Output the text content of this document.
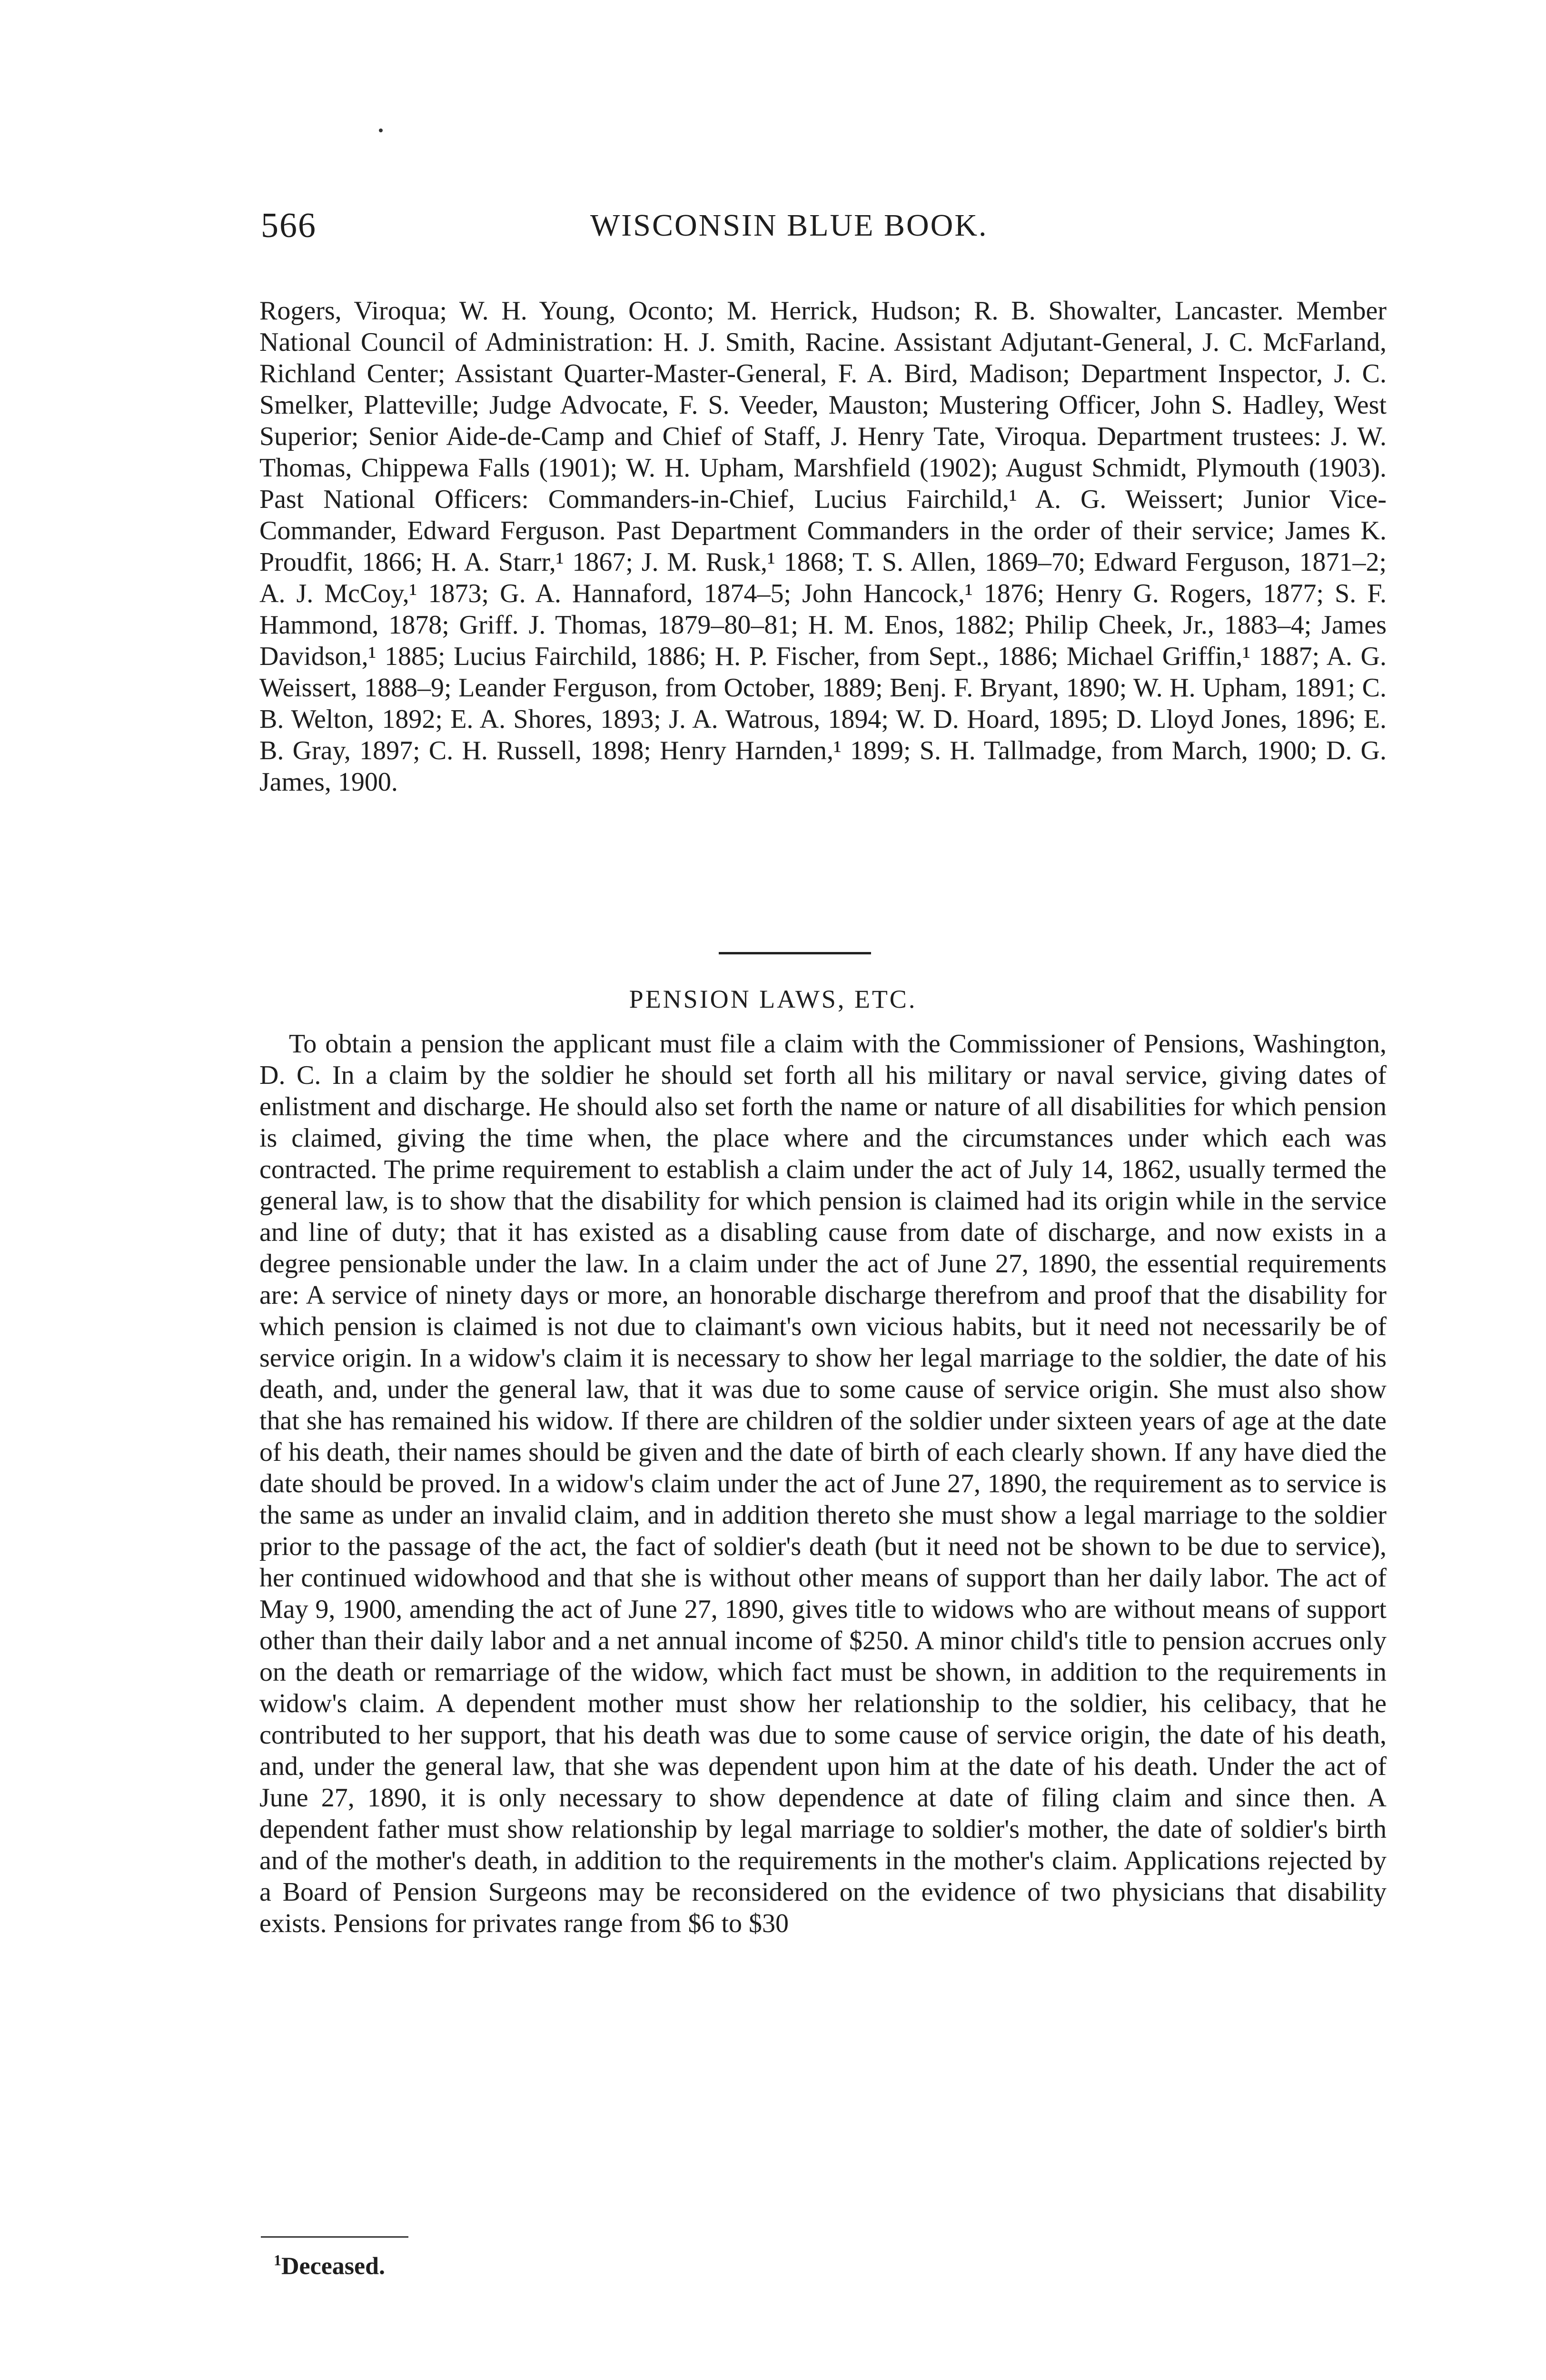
566	WISCONSIN BLUE BOOK.

Rogers, Viroqua; W. H. Young, Oconto; M. Herrick, Hudson; R. B. Showalter, Lancaster. Member National Council of Administration: H. J. Smith, Racine. Assistant Adjutant-General, J. C. McFarland, Richland Center; Assistant Quarter-Master-General, F. A. Bird, Madison; Department Inspector, J. C. Smelker, Platteville; Judge Advocate, F. S. Veeder, Mauston; Mustering Officer, John S. Hadley, West Superior; Senior Aide-de-Camp and Chief of Staff, J. Henry Tate, Viroqua. Department trustees: J. W. Thomas, Chippewa Falls (1901); W. H. Upham, Marshfield (1902); August Schmidt, Plymouth (1903). Past National Officers: Commanders-in-Chief, Lucius Fairchild,¹ A. G. Weissert; Junior Vice-Commander, Edward Ferguson. Past Department Commanders in the order of their service; James K. Proudfit, 1866; H. A. Starr,¹ 1867; J. M. Rusk,¹ 1868; T. S. Allen, 1869–70; Edward Ferguson, 1871–2; A. J. McCoy,¹ 1873; G. A. Hannaford, 1874–5; John Hancock,¹ 1876; Henry G. Rogers, 1877; S. F. Hammond, 1878; Griff. J. Thomas, 1879–80–81; H. M. Enos, 1882; Philip Cheek, Jr., 1883–4; James Davidson,¹ 1885; Lucius Fairchild, 1886; H. P. Fischer, from Sept., 1886; Michael Griffin,¹ 1887; A. G. Weissert, 1888–9; Leander Ferguson, from October, 1889; Benj. F. Bryant, 1890; W. H. Upham, 1891; C. B. Welton, 1892; E. A. Shores, 1893; J. A. Watrous, 1894; W. D. Hoard, 1895; D. Lloyd Jones, 1896; E. B. Gray, 1897; C. H. Russell, 1898; Henry Harnden,¹ 1899; S. H. Tallmadge, from March, 1900; D. G. James, 1900.

PENSION LAWS, ETC.

To obtain a pension the applicant must file a claim with the Commissioner of Pensions, Washington, D. C. In a claim by the soldier he should set forth all his military or naval service, giving dates of enlistment and discharge. He should also set forth the name or nature of all disabilities for which pension is claimed, giving the time when, the place where and the circumstances under which each was contracted. The prime requirement to establish a claim under the act of July 14, 1862, usually termed the general law, is to show that the disability for which pension is claimed had its origin while in the service and line of duty; that it has existed as a disabling cause from date of discharge, and now exists in a degree pensionable under the law. In a claim under the act of June 27, 1890, the essential requirements are: A service of ninety days or more, an honorable discharge therefrom and proof that the disability for which pension is claimed is not due to claimant's own vicious habits, but it need not necessarily be of service origin. In a widow's claim it is necessary to show her legal marriage to the soldier, the date of his death, and, under the general law, that it was due to some cause of service origin. She must also show that she has remained his widow. If there are children of the soldier under sixteen years of age at the date of his death, their names should be given and the date of birth of each clearly shown. If any have died the date should be proved. In a widow's claim under the act of June 27, 1890, the requirement as to service is the same as under an invalid claim, and in addition thereto she must show a legal marriage to the soldier prior to the passage of the act, the fact of soldier's death (but it need not be shown to be due to service), her continued widowhood and that she is without other means of support than her daily labor. The act of May 9, 1900, amending the act of June 27, 1890, gives title to widows who are without means of support other than their daily labor and a net annual income of $250. A minor child's title to pension accrues only on the death or remarriage of the widow, which fact must be shown, in addition to the requirements in widow's claim. A dependent mother must show her relationship to the soldier, his celibacy, that he contributed to her support, that his death was due to some cause of service origin, the date of his death, and, under the general law, that she was dependent upon him at the date of his death. Under the act of June 27, 1890, it is only necessary to show dependence at date of filing claim and since then. A dependent father must show relationship by legal marriage to soldier's mother, the date of soldier's birth and of the mother's death, in addition to the requirements in the mother's claim. Applications rejected by a Board of Pension Surgeons may be reconsidered on the evidence of two physicians that disability exists. Pensions for privates range from $6 to $30

$^1$Deceased.
